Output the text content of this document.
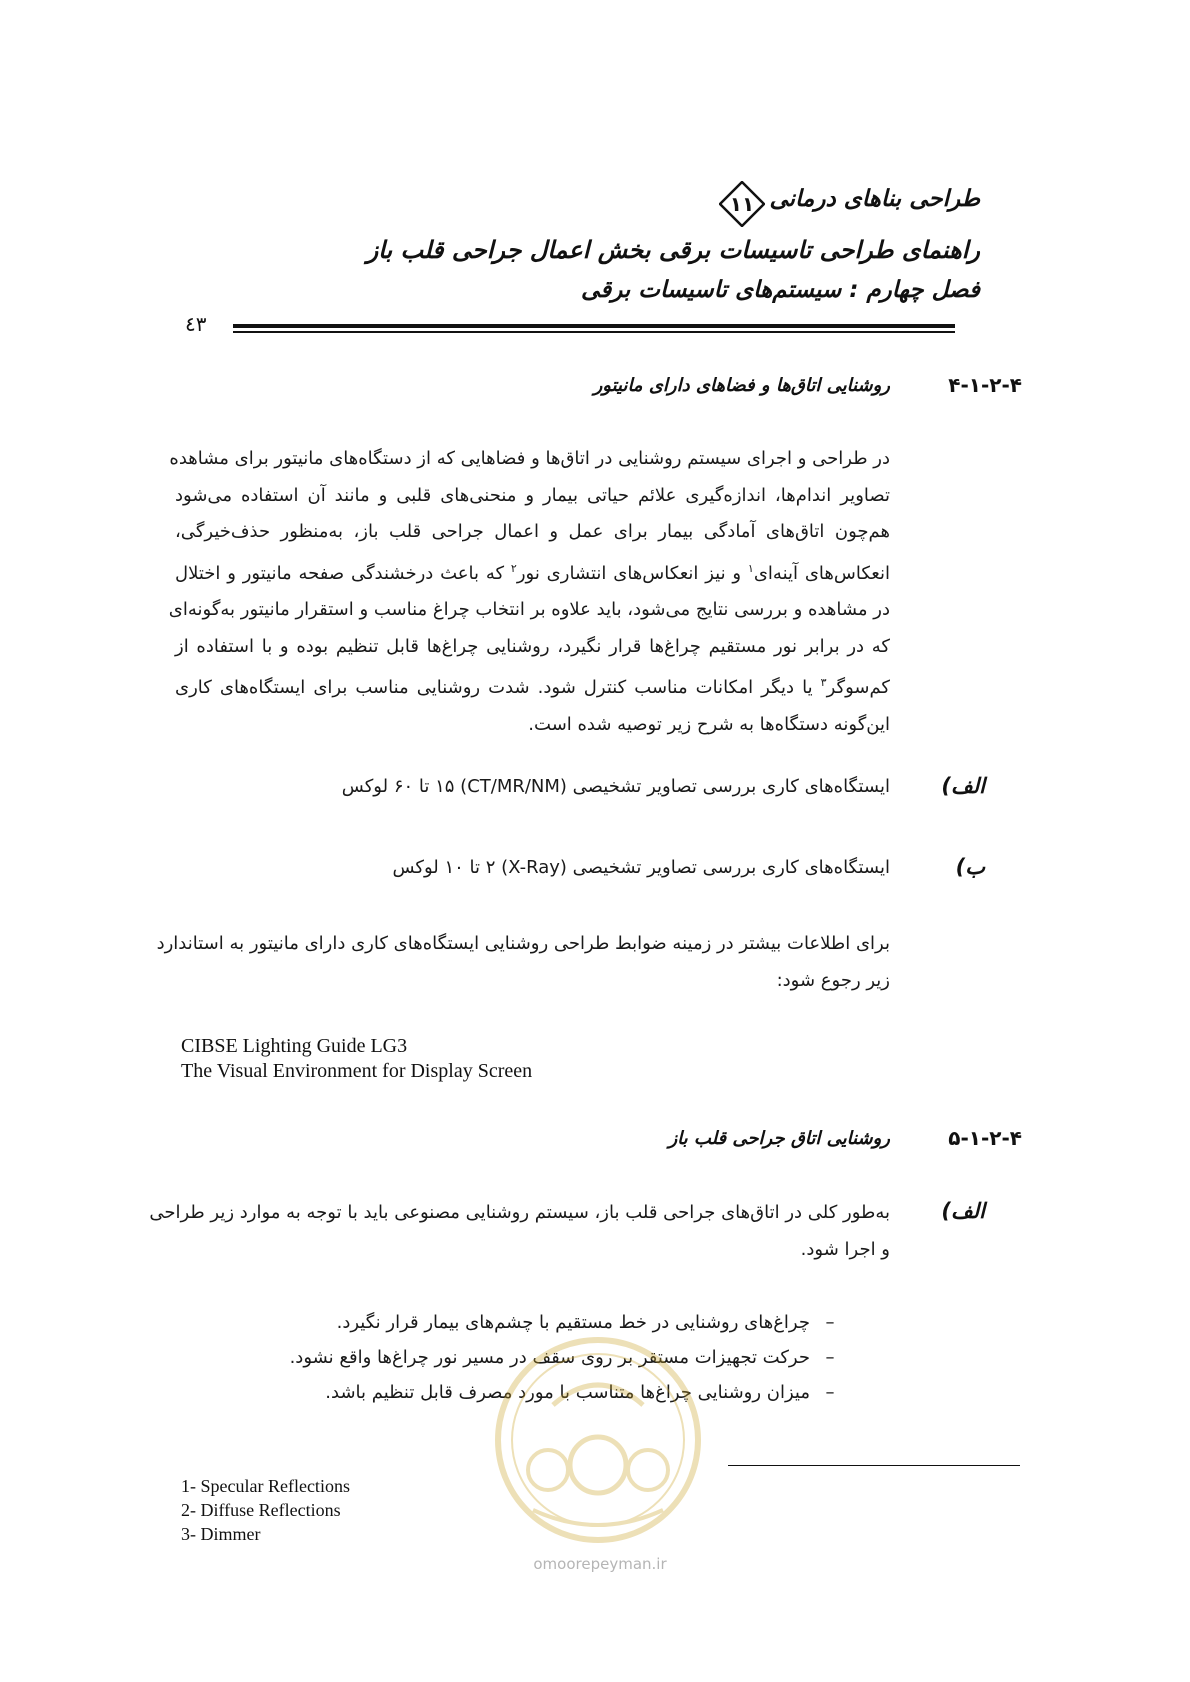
طراحی بناهای درمانی
۱۱
راهنمای طراحی تاسیسات برقی بخش اعمال جراحی قلب باز
فصل چهارم : سیستم‌های تاسیسات برقی
٤٣
۴-۱-۲-۴
روشنایی اتاق‌ها و فضاهای دارای مانیتور
در طراحی و اجرای سیستم روشنایی در اتاق‌ها و فضاهایی که از دستگاه‌های مانیتور برای مشاهده
تصاویر اندام‌ها، اندازه‌گیری علائم حیاتی بیمار و منحنی‌های قلبی و مانند آن استفاده می‌شود
هم‌چون اتاق‌های آمادگی بیمار برای عمل و اعمال جراحی قلب باز، به‌منظور حذف‌خیرگی،
انعکاس‌های آینه‌ای$^۱$ و نیز انعکاس‌های انتشاری نور$^۲$ که باعث درخشندگی صفحه مانیتور و اختلال
در مشاهده و بررسی نتایج می‌شود، باید علاوه بر انتخاب چراغ مناسب و استقرار مانیتور به‌گونه‌ای
که در برابر نور مستقیم چراغ‌ها قرار نگیرد، روشنایی چراغ‌ها قابل تنظیم بوده و با استفاده از
کم‌سوگر$^۳$ یا دیگر امکانات مناسب کنترل شود. شدت روشنایی مناسب برای ایستگاه‌های کاری
این‌گونه دستگاه‌ها به شرح زیر توصیه شده است.
الف)
ایستگاه‌های کاری بررسی تصاویر تشخیصی (CT/MR/NM) ۱۵ تا ۶۰ لوکس
ب)
ایستگاه‌های کاری بررسی تصاویر تشخیصی (X-Ray) ۲ تا ۱۰ لوکس
برای اطلاعات بیشتر در زمینه ضوابط طراحی روشنایی ایستگاه‌های کاری دارای مانیتور به استاندارد
زیر رجوع شود:
CIBSE Lighting Guide LG3
The Visual Environment for Display Screen
۵-۱-۲-۴
روشنایی اتاق جراحی قلب باز
الف)
به‌طور کلی در اتاق‌های جراحی قلب باز، سیستم روشنایی مصنوعی باید با توجه به موارد زیر طراحی
و اجرا شود.
–چراغ‌های روشنایی در خط مستقیم با چشم‌های بیمار قرار نگیرد.
–حرکت تجهیزات مستقر بر روی سقف در مسیر نور چراغ‌ها واقع نشود.
–میزان روشنایی چراغ‌ها متناسب با مورد مصرف قابل تنظیم باشد.
omoorepeyman.ir
1- Specular Reflections
2- Diffuse Reflections
3- Dimmer
